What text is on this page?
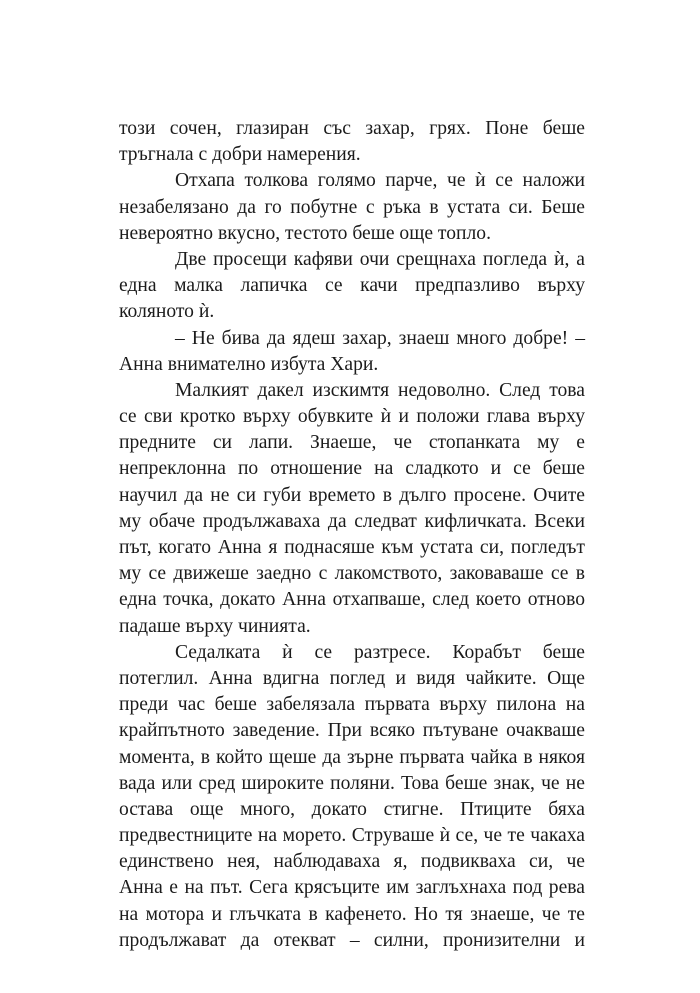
този сочен, глазиран със захар, грях. Поне беше
тръгнала с добри намерения.
Отхапа толкова голямо парче, че ѝ се наложи
незабелязано да го побутне с ръка в устата си. Беше
невероятно вкусно, тестото беше още топло.
Две просещи кафяви очи срещнаха погледа ѝ, а
една малка лапичка се качи предпазливо върху
коляното ѝ.
– Не бива да ядеш захар, знаеш много добре! –
Анна внимателно избута Хари.
Малкият дакел изскимтя недоволно. След това
се сви кротко върху обувките ѝ и положи глава върху
предните си лапи. Знаеше, че стопанката му е
непреклонна по отношение на сладкото и се беше
научил да не си губи времето в дълго просене. Очите
му обаче продължаваха да следват кифличката. Всеки
път, когато Анна я поднасяше към устата си, погледът
му се движеше заедно с лакомството, заковаваше се в
една точка, докато Анна отхапваше, след което отново
падаше върху чинията.
Седалката ѝ се разтресе. Корабът беше
потеглил. Анна вдигна поглед и видя чайките. Още
преди час беше забелязала първата върху пилона на
крайпътното заведение. При всяко пътуване очакваше
момента, в който щеше да зърне първата чайка в някоя
вада или сред широките поляни. Това беше знак, че не
остава още много, докато стигне. Птиците бяха
предвестниците на морето. Струваше ѝ се, че те чакаха
единствено нея, наблюдаваха я, подвикваха си, че
Анна е на път. Сега крясъците им заглъхнаха под рева
на мотора и глъчката в кафенето. Но тя знаеше, че те
продължават да отекват – силни, пронизителни и
